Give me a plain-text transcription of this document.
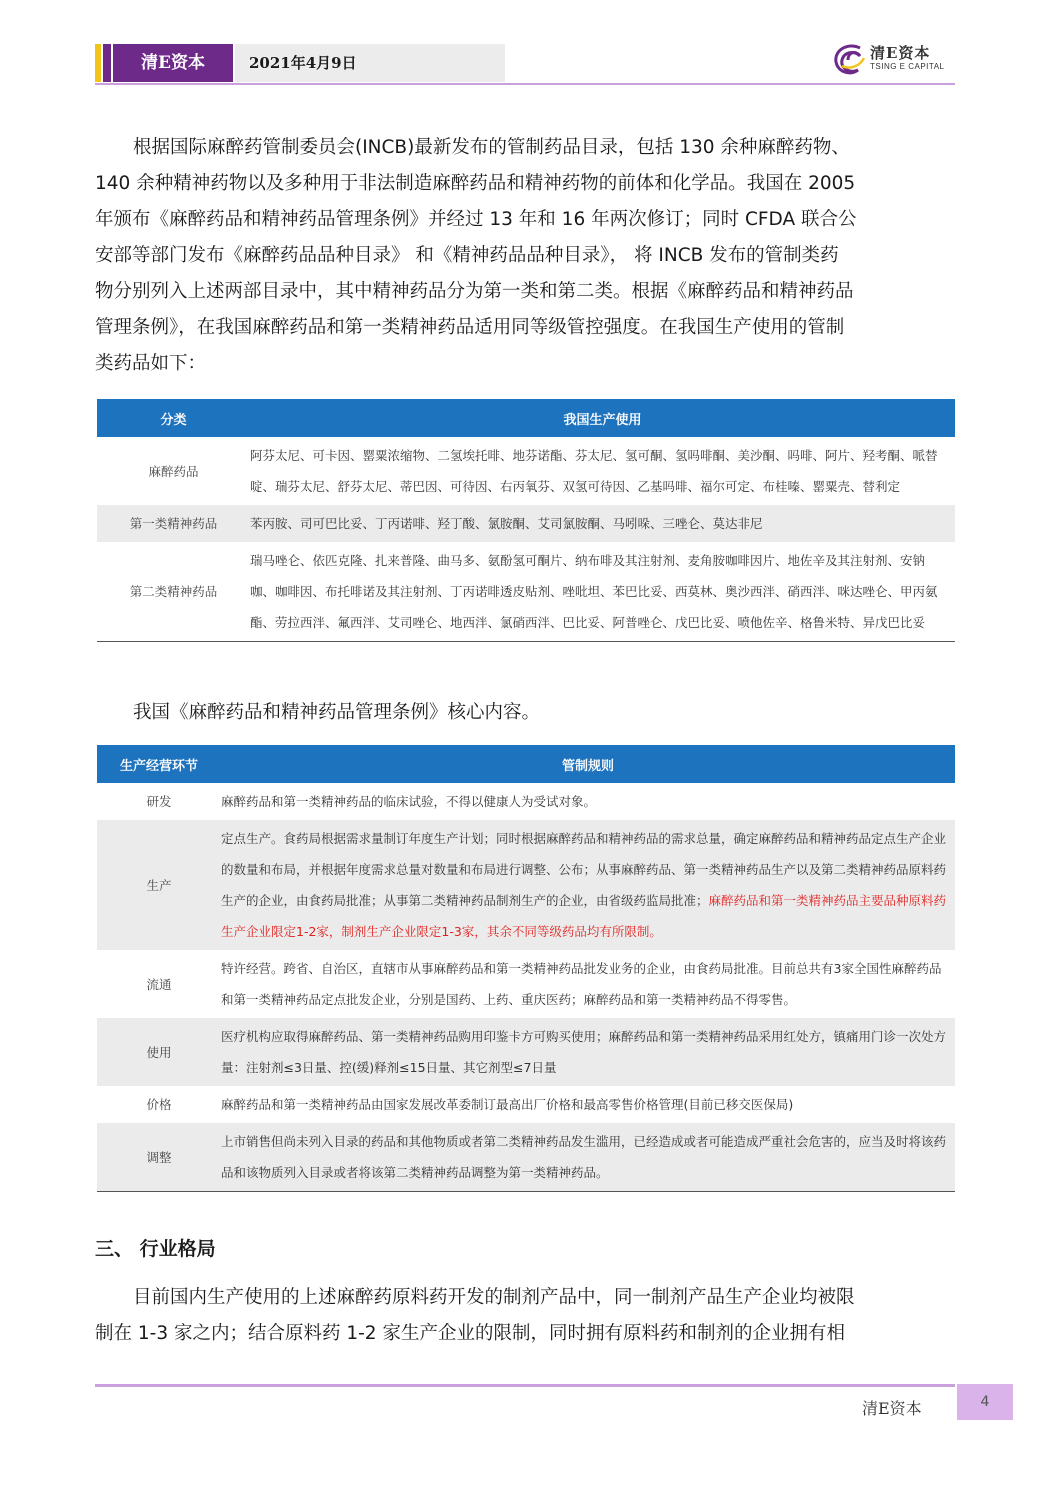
清E资本	2021年4月9日
清E资本
TSING E CAPITAL
根据国际麻醉药管制委员会(INCB)最新发布的管制药品目录，包括 130 余种麻醉药物、
140 余种精神药物以及多种用于非法制造麻醉药品和精神药物的前体和化学品。我国在 2005
年颁布《麻醉药品和精神药品管理条例》并经过 13 年和 16 年两次修订；同时 CFDA 联合公
安部等部门发布《麻醉药品品种目录》 和《精神药品品种目录》， 将 INCB 发布的管制类药
物分别列入上述两部目录中，其中精神药品分为第一类和第二类。根据《麻醉药品和精神药品
管理条例》，在我国麻醉药品和第一类精神药品适用同等级管控强度。在我国生产使用的管制
类药品如下：
分类	我国生产使用
麻醉药品	阿芬太尼、可卡因、罂粟浓缩物、二氢埃托啡、地芬诺酯、芬太尼、氢可酮、氢吗啡酮、美沙酮、吗啡、阿片、羟考酮、哌替啶、瑞芬太尼、舒芬太尼、蒂巴因、可待因、右丙氧芬、双氢可待因、乙基吗啡、福尔可定、布桂嗪、罂粟壳、替利定
第一类精神药品	苯丙胺、司可巴比妥、丁丙诺啡、羟丁酸、氯胺酮、艾司氯胺酮、马吲哚、三唑仑、莫达非尼
第二类精神药品	瑞马唑仑、依匹克隆、扎来普隆、曲马多、氨酚氢可酮片、纳布啡及其注射剂、麦角胺咖啡因片、地佐辛及其注射剂、安钠咖、咖啡因、布托啡诺及其注射剂、丁丙诺啡透皮贴剂、唑吡坦、苯巴比妥、西莫林、奥沙西泮、硝西泮、咪达唑仑、甲丙氨酯、劳拉西泮、氟西泮、艾司唑仑、地西泮、氯硝西泮、巴比妥、阿普唑仑、戊巴比妥、喷他佐辛、格鲁米特、异戊巴比妥
我国《麻醉药品和精神药品管理条例》核心内容。
生产经营环节	管制规则
研发	麻醉药品和第一类精神药品的临床试验，不得以健康人为受试对象。
生产	定点生产。食药局根据需求量制订年度生产计划；同时根据麻醉药品和精神药品的需求总量，确定麻醉药品和精神药品定点生产企业的数量和布局，并根据年度需求总量对数量和布局进行调整、公布；从事麻醉药品、第一类精神药品生产以及第二类精神药品原料药生产的企业，由食药局批准；从事第二类精神药品制剂生产的企业，由省级药监局批准；麻醉药品和第一类精神药品主要品种原料药生产企业限定1-2家，制剂生产企业限定1-3家，其余不同等级药品均有所限制。
流通	特许经营。跨省、自治区，直辖市从事麻醉药品和第一类精神药品批发业务的企业，由食药局批准。目前总共有3家全国性麻醉药品和第一类精神药品定点批发企业，分别是国药、上药、重庆医药；麻醉药品和第一类精神药品不得零售。
使用	医疗机构应取得麻醉药品、第一类精神药品购用印鉴卡方可购买使用；麻醉药品和第一类精神药品采用红处方，镇痛用门诊一次处方量：注射剂≤3日量、控(缓)释剂≤15日量、其它剂型≤7日量
价格	麻醉药品和第一类精神药品由国家发展改革委制订最高出厂价格和最高零售价格管理(目前已移交医保局)
调整	上市销售但尚未列入目录的药品和其他物质或者第二类精神药品发生滥用，已经造成或者可能造成严重社会危害的，应当及时将该药品和该物质列入目录或者将该第二类精神药品调整为第一类精神药品。
三、 行业格局
目前国内生产使用的上述麻醉药原料药开发的制剂产品中，同一制剂产品生产企业均被限
制在 1-3 家之内；结合原料药 1-2 家生产企业的限制，同时拥有原料药和制剂的企业拥有相
清E资本	4
